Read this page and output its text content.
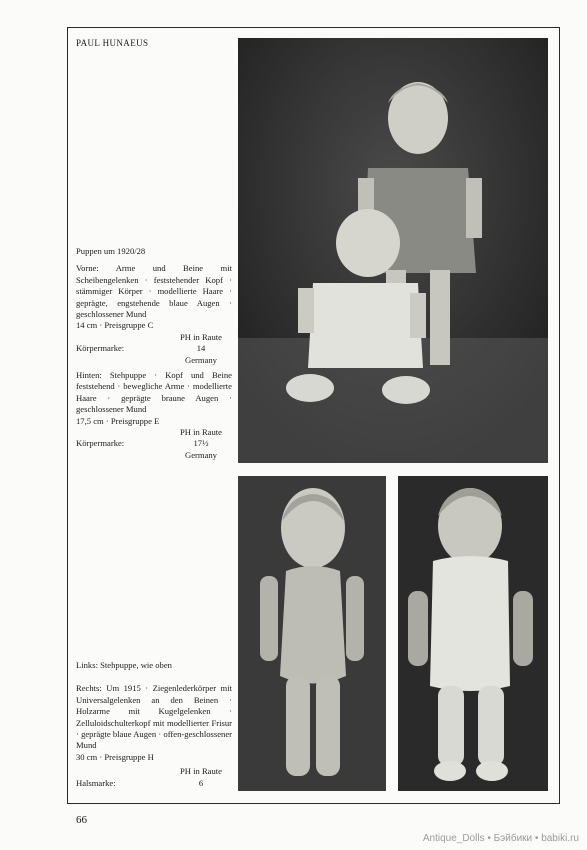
PAUL HUNAEUS

Puppen um 1920/28

Vorne: Arme und Beine mit Scheibengelenken · feststehender Kopf · stämmiger Körper · modellierte Haare · geprägte, engstehende blaue Augen · geschlossener Mund

14 cm · Preisgruppe C

PH in Raute

Körpermarke:	14

Germany

Hinten: Stehpuppe · Kopf und Beine feststehend · bewegliche Arme · modellierte Haare · geprägte braune Augen · geschlossener Mund

17,5 cm · Preisgruppe E

PH in Raute

Körpermarke:	17½

Germany

Links: Stehpuppe, wie oben

Rechts: Um 1915 · Ziegenlederkörper mit Universalgelenken an den Beinen · Holzarme mit Kugelgelenken · Zelluloidschulterkopf mit modellierter Frisur · geprägte blaue Augen · offen-geschlossener Mund

30 cm · Preisgruppe H

PH in Raute

Halsmarke:	6
66
Antique_Dolls • Бэйбики • babiki.ru
